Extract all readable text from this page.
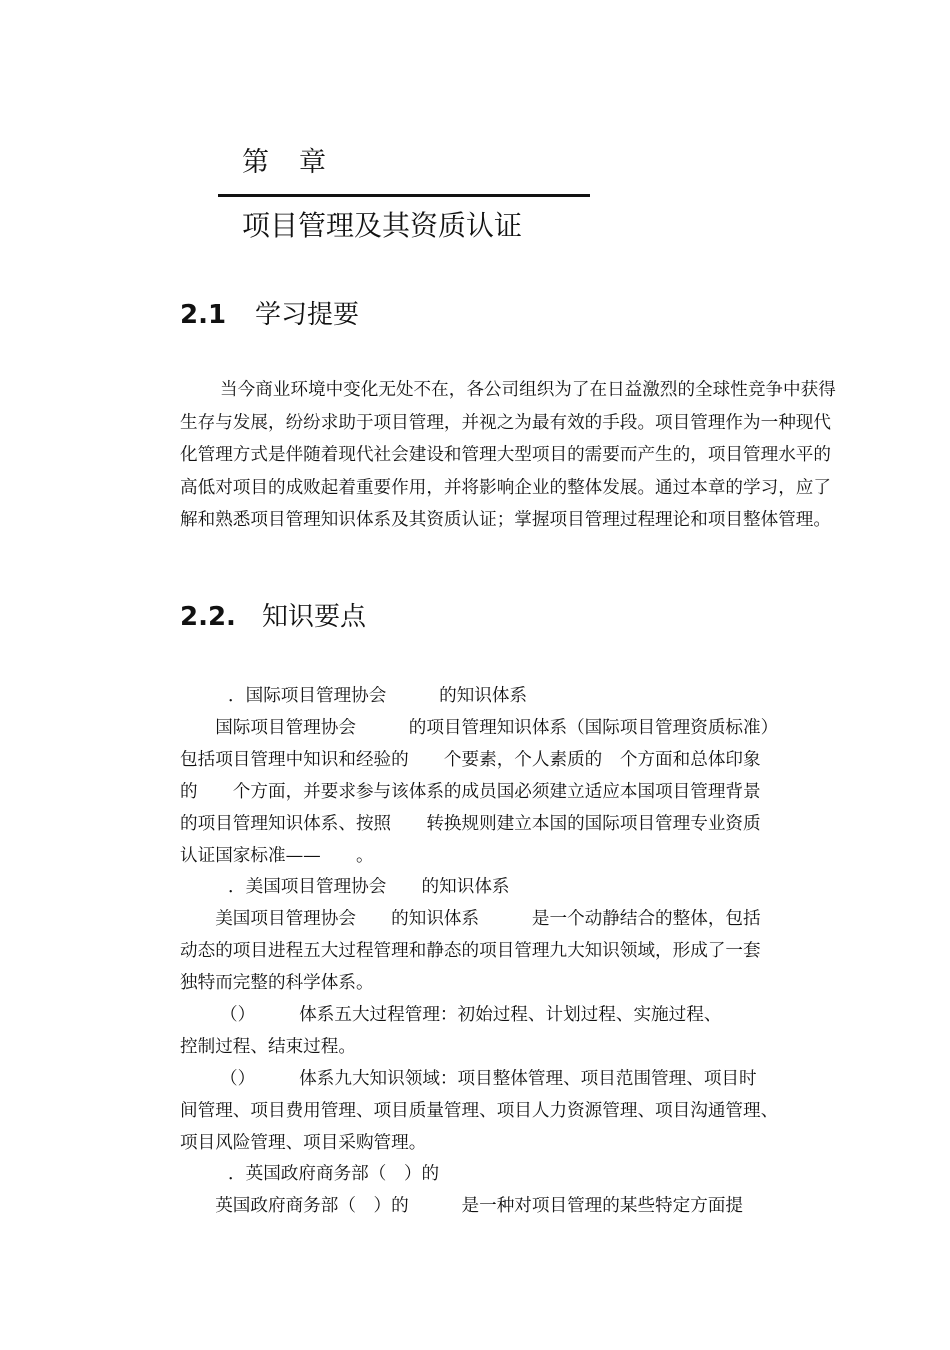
第 章
项目管理及其资质认证
2.1 学习提要
当今商业环境中变化无处不在，各公司组织为了在日益激烈的全球性竞争中获得生存与发展，纷纷求助于项目管理，并视之为最有效的手段。项目管理作为一种现代化管理方式是伴随着现代社会建设和管理大型项目的需要而产生的，项目管理水平的高低对项目的成败起着重要作用，并将影响企业的整体发展。通过本章的学习，应了解和熟悉项目管理知识体系及其资质认证；掌握项目管理过程理论和项目整体管理。
2.2. 知识要点
．国际项目管理协会　　　的知识体系
　　国际项目管理协会　　　的项目管理知识体系（国际项目管理资质标准）
包括项目管理中知识和经验的　　个要素，个人素质的　个方面和总体印象
的　　个方面，并要求参与该体系的成员国必须建立适应本国项目管理背景
的项目管理知识体系、按照　　转换规则建立本国的国际项目管理专业资质
认证国家标准——　　。
．美国项目管理协会　　的知识体系
　　美国项目管理协会　　的知识体系　　　是一个动静结合的整体，包括
动态的项目进程五大过程管理和静态的项目管理九大知识领域，形成了一套
独特而完整的科学体系。
（）　　　体系五大过程管理：初始过程、计划过程、实施过程、
控制过程、结束过程。
（）　　　体系九大知识领域：项目整体管理、项目范围管理、项目时
间管理、项目费用管理、项目质量管理、项目人力资源管理、项目沟通管理、
项目风险管理、项目采购管理。
．英国政府商务部（　）的
　　英国政府商务部（　）的　　　是一种对项目管理的某些特定方面提
